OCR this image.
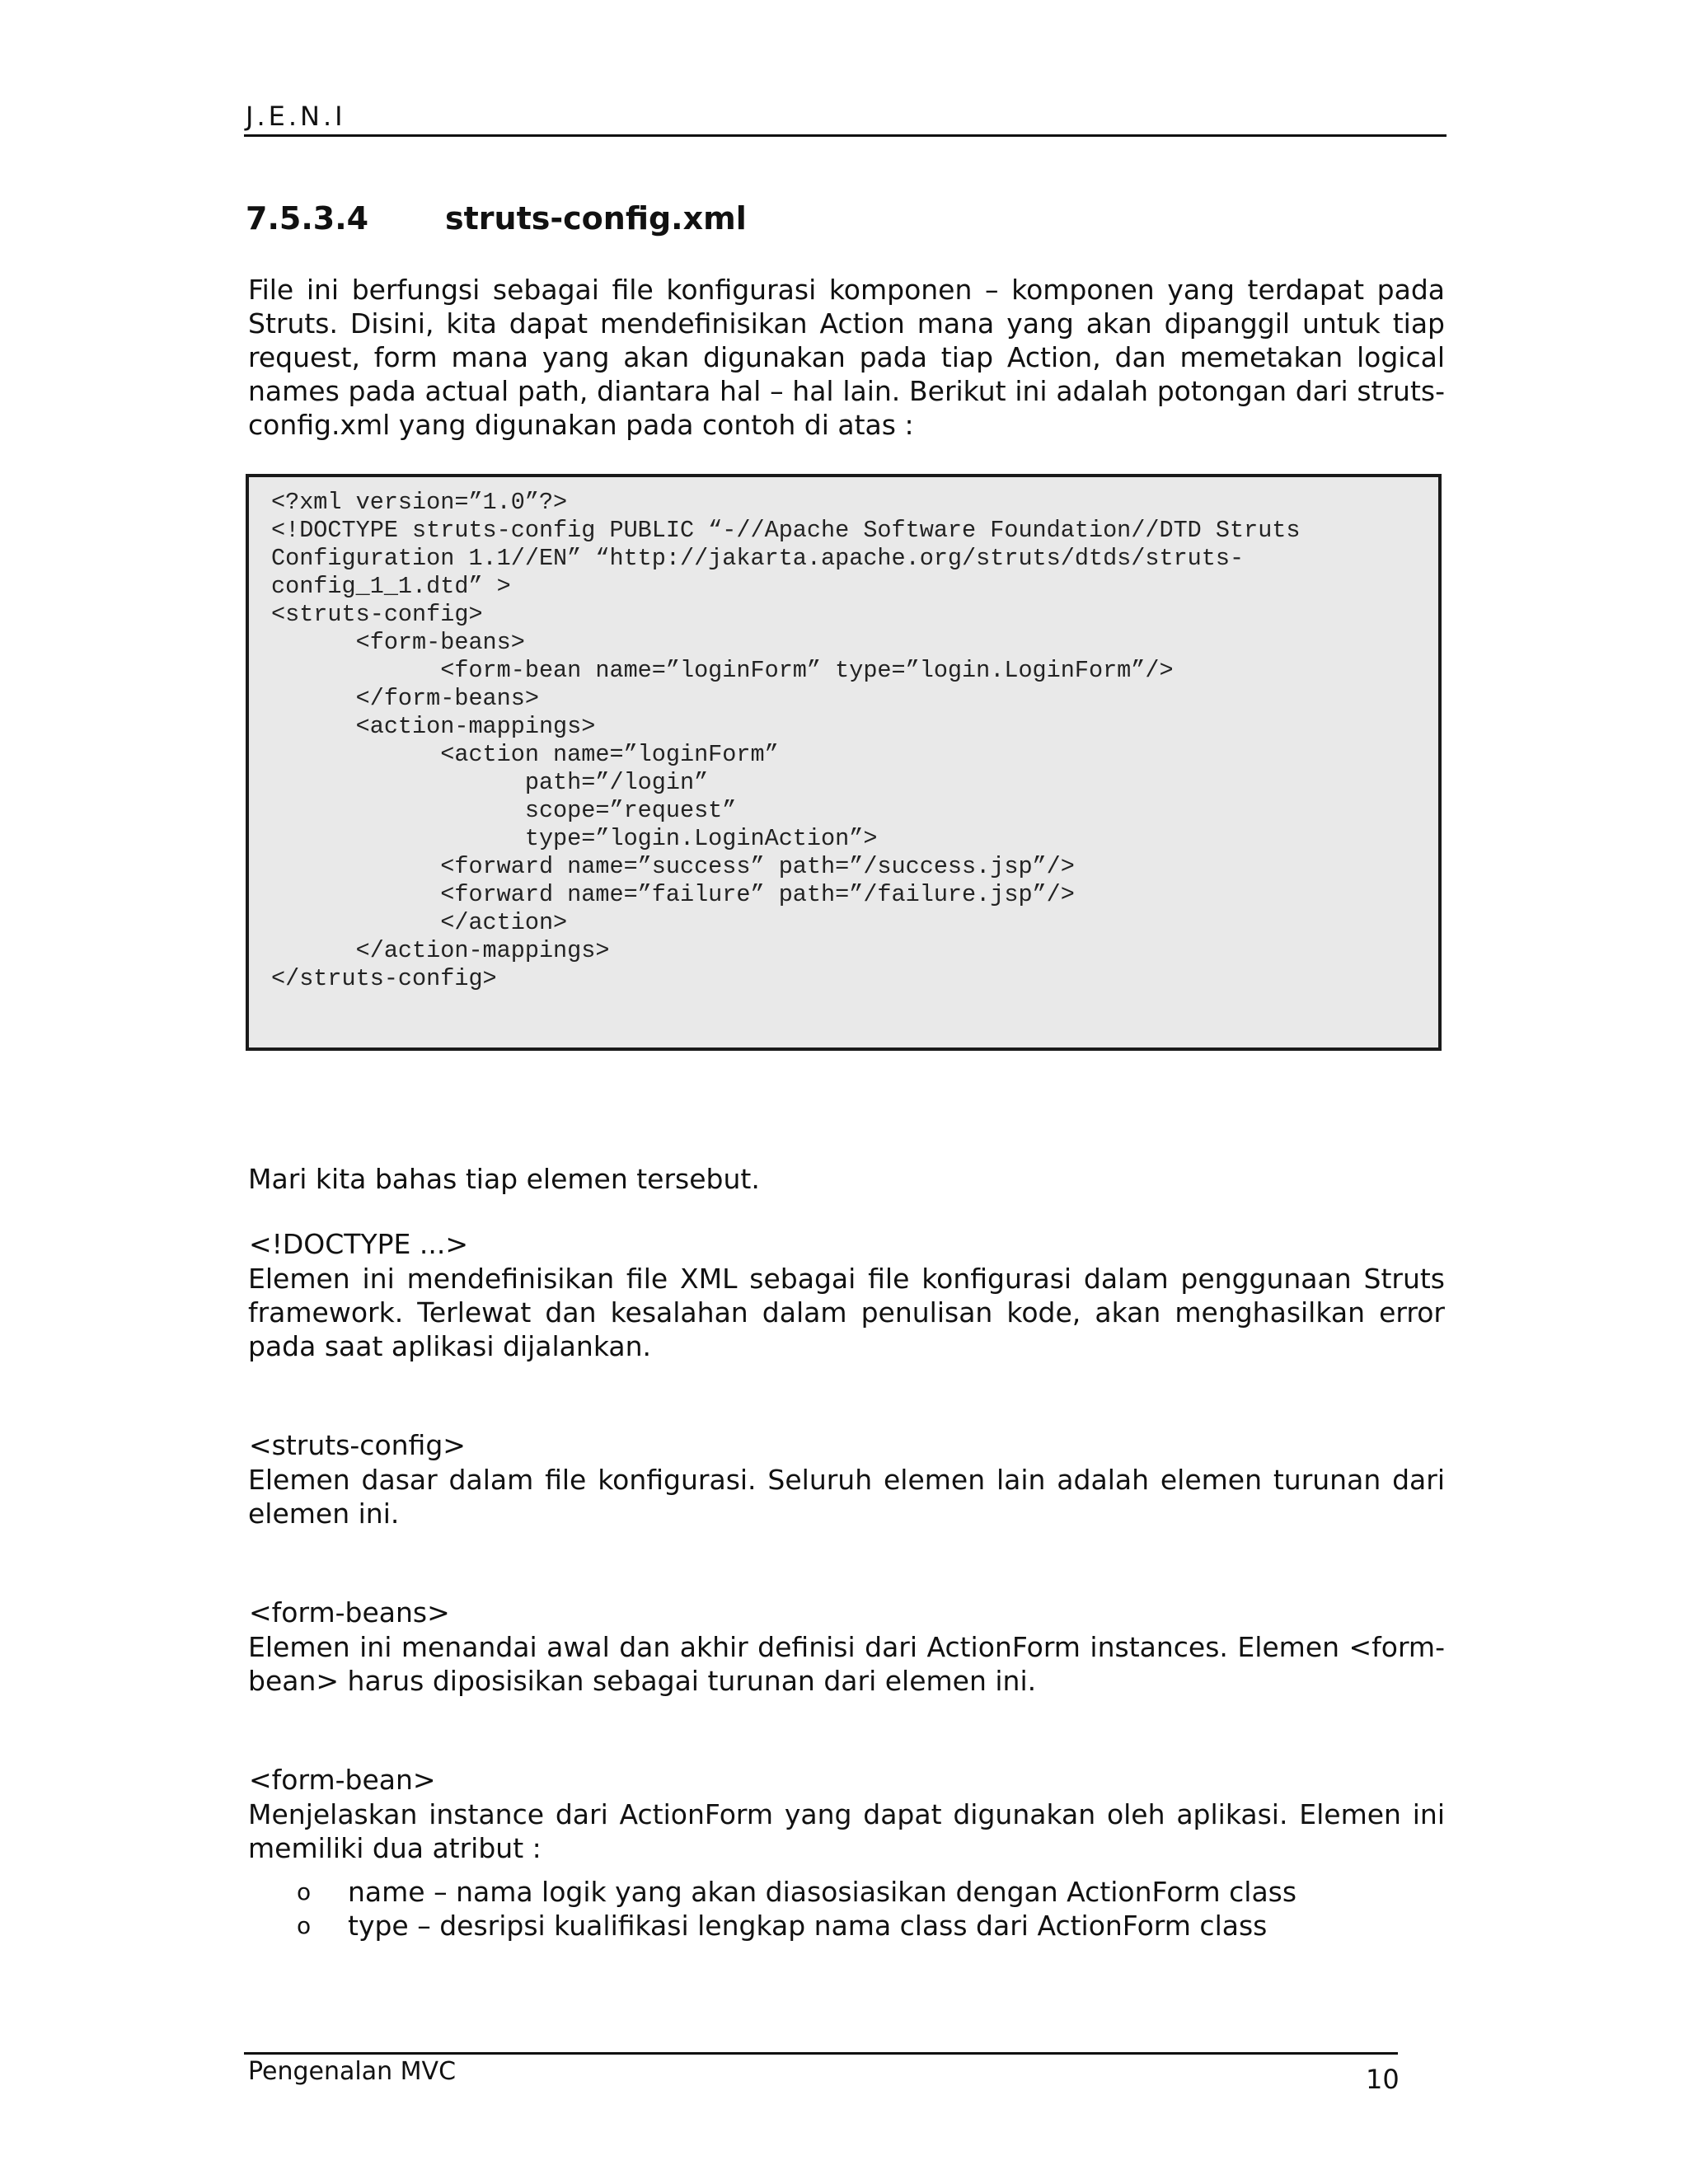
J.E.N.I
7.5.3.4 struts-config.xml
File ini berfungsi sebagai file konfigurasi komponen – komponen yang terdapat pada Struts. Disini, kita dapat mendefinisikan Action mana yang akan dipanggil untuk tiap request, form mana yang akan digunakan pada tiap Action, dan memetakan logical names pada actual path, diantara hal – hal lain. Berikut ini adalah potongan dari struts-config.xml yang digunakan pada contoh di atas :
<?xml version=”1.0”?>
<!DOCTYPE struts-config PUBLIC “-//Apache Software Foundation//DTD Struts
Configuration 1.1//EN” “http://jakarta.apache.org/struts/dtds/struts-
config_1_1.dtd” >
<struts-config>
<form-beans>
<form-bean name=”loginForm” type=”login.LoginForm”/>
</form-beans>
<action-mappings>
<action name=”loginForm”
path=”/login”
scope=”request”
type=”login.LoginAction”>
<forward name=”success” path=”/success.jsp”/>
<forward name=”failure” path=”/failure.jsp”/>
</action>
</action-mappings>
</struts-config>
Mari kita bahas tiap elemen tersebut.
<!DOCTYPE ...>
Elemen ini mendefinisikan file XML sebagai file konfigurasi dalam penggunaan Struts framework. Terlewat dan kesalahan dalam penulisan kode, akan menghasilkan error pada saat aplikasi dijalankan.
<struts-config>
Elemen dasar dalam file konfigurasi. Seluruh elemen lain adalah elemen turunan dari elemen ini.
<form-beans>
Elemen ini menandai awal dan akhir definisi dari ActionForm instances. Elemen <form-bean> harus diposisikan sebagai turunan dari elemen ini.
<form-bean>
Menjelaskan instance dari ActionForm yang dapat digunakan oleh aplikasi. Elemen ini memiliki dua atribut :
o	name – nama logik yang akan diasosiasikan dengan ActionForm class
o	type – desripsi kualifikasi lengkap nama class dari ActionForm class
Pengenalan MVC	10
